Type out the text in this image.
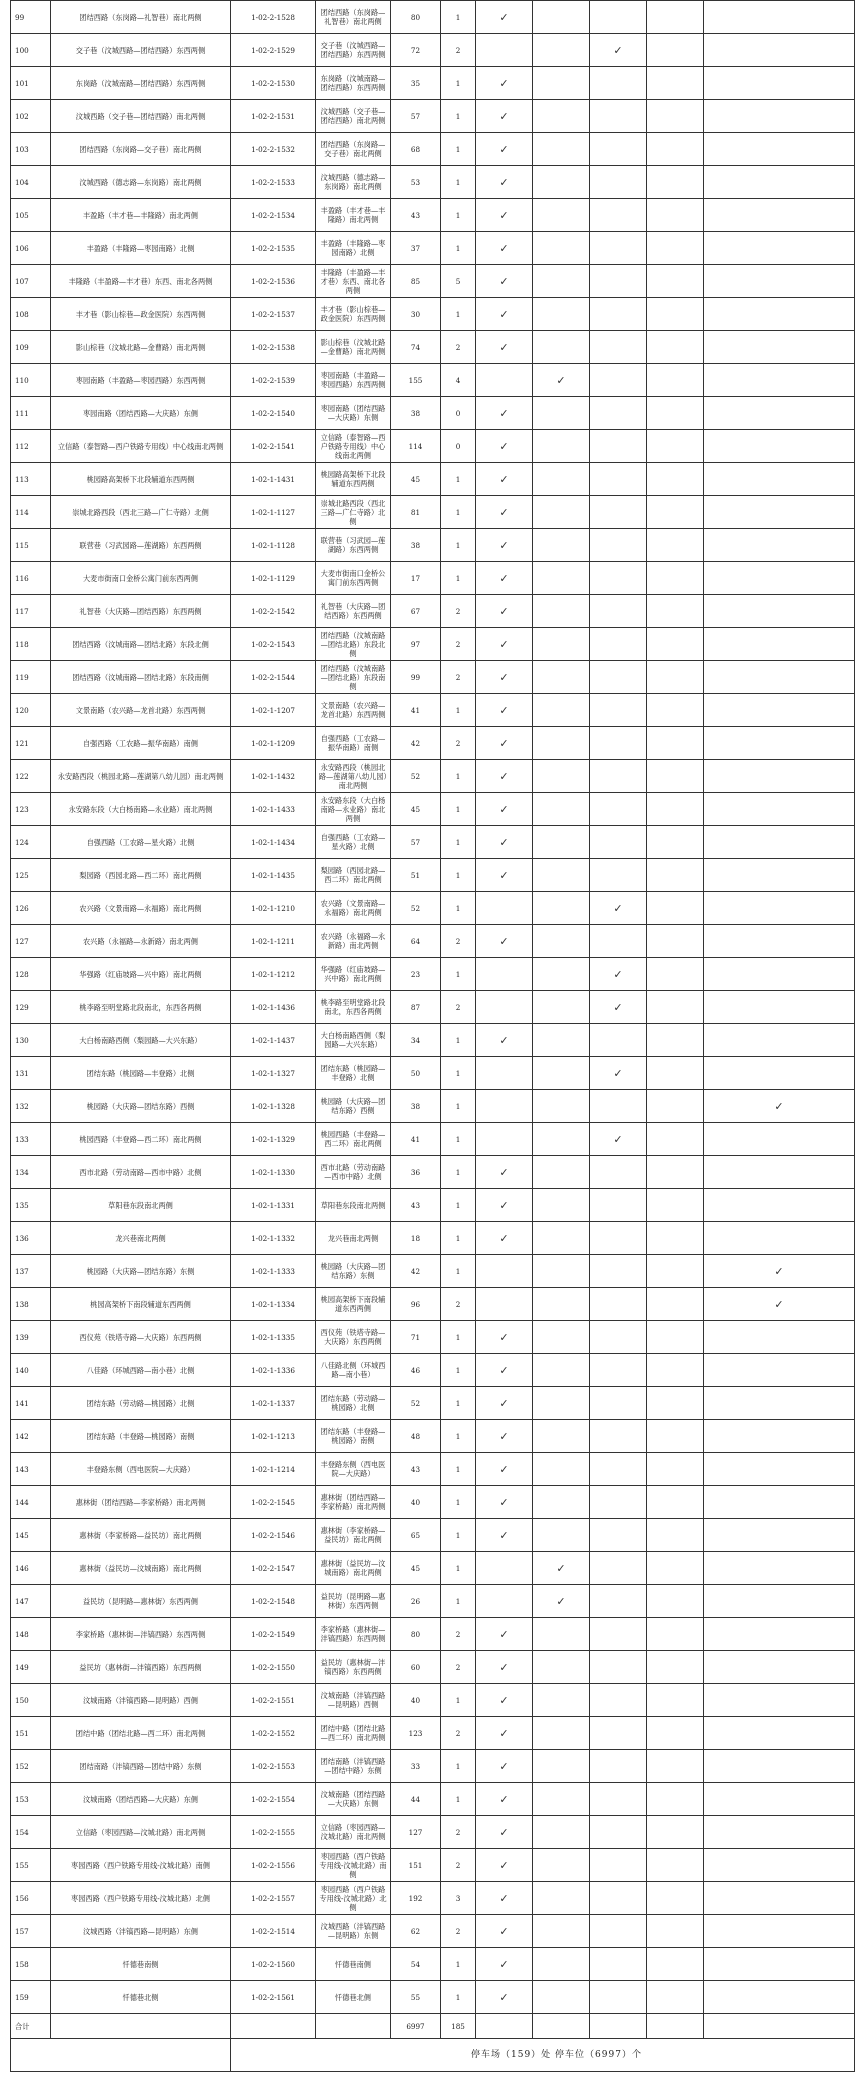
99	团结西路（东岗路—礼智巷）南北两侧	1-02-2-1528	团结西路（东岗路—礼智巷）南北两侧	80	1	✓				
100	交子巷（汶城西路—团结西路）东西两侧	1-02-2-1529	交子巷（汶城西路—团结西路）东西两侧	72	2			✓		
101	东岗路（汶城南路—团结西路）东西两侧	1-02-2-1530	东岗路（汶城南路—团结西路）东西两侧	35	1	✓				
102	汶城西路（交子巷—团结西路）南北两侧	1-02-2-1531	汶城西路（交子巷—团结西路）南北两侧	57	1	✓				
103	团结西路（东岗路—交子巷）南北两侧	1-02-2-1532	团结西路（东岗路—交子巷）南北两侧	68	1	✓				
104	汶城西路（德志路—东岗路）南北两侧	1-02-2-1533	汶城西路（德志路—东岗路）南北两侧	53	1	✓				
105	丰盈路（丰才巷—丰隆路）南北两侧	1-02-2-1534	丰盈路（丰才巷—丰隆路）南北两侧	43	1	✓				
106	丰盈路（丰隆路—枣园南路）北侧	1-02-2-1535	丰盈路（丰隆路—枣园南路）北侧	37	1	✓				
107	丰隆路（丰盈路—丰才巷）东西、南北各两侧	1-02-2-1536	丰隆路（丰盈路—丰才巷）东西、南北各两侧	85	5	✓				
108	丰才巷（影山棕巷—政金医院）东西两侧	1-02-2-1537	丰才巷（影山棕巷—政金医院）东西两侧	30	1	✓				
109	影山棕巷（汶城北路—金曹路）南北两侧	1-02-2-1538	影山棕巷（汶城北路—金曹路）南北两侧	74	2	✓				
110	枣园南路（丰盈路—枣园西路）东西两侧	1-02-2-1539	枣园南路（丰盈路—枣园西路）东西两侧	155	4		✓			
111	枣园南路（团结西路—大庆路）东侧	1-02-2-1540	枣园南路（团结西路—大庆路）东侧	38	0	✓				
112	立信路（泰智路—西户铁路专用线）中心线南北两侧	1-02-2-1541	立信路（泰智路—西户铁路专用线）中心线南北两侧	114	0	✓				
113	桃园路高架桥下北段辅道东西两侧	1-02-1-1431	桃园路高架桥下北段辅道东西两侧	45	1	✓				
114	崇城北路西段（西北三路—广仁寺路）北侧	1-02-1-1127	崇城北路西段（西北三路—广仁寺路）北侧	81	1	✓				
115	联营巷（习武园路—莲湖路）东西两侧	1-02-1-1128	联营巷（习武园—莲湖路）东西两侧	38	1	✓				
116	大麦市街南口金桥公寓门前东西两侧	1-02-1-1129	大麦市街南口金桥公寓门前东西两侧	17	1	✓				
117	礼智巷（大庆路—团结西路）东西两侧	1-02-2-1542	礼智巷（大庆路—团结西路）东西两侧	67	2	✓				
118	团结西路（汶城南路—团结北路）东段北侧	1-02-2-1543	团结西路（汶城南路—团结北路）东段北侧	97	2	✓				
119	团结西路（汶城南路—团结北路）东段南侧	1-02-2-1544	团结西路（汶城南路—团结北路）东段南侧	99	2	✓				
120	文景南路（农兴路—龙首北路）东西两侧	1-02-1-1207	文景南路（农兴路—龙首北路）东西两侧	41	1	✓				
121	自强西路（工农路—振华南路）南侧	1-02-1-1209	自强西路（工农路—振华南路）南侧	42	2	✓				
122	永安路西段（桃园北路—莲湖第八幼儿园）南北两侧	1-02-1-1432	永安路西段（桃园北路—莲湖第八幼儿园）南北两侧	52	1	✓				
123	永安路东段（大白杨南路—永业路）南北两侧	1-02-1-1433	永安路东段（大白杨南路—永业路）南北两侧	45	1	✓				
124	自强西路（工农路—星火路）北侧	1-02-1-1434	自强西路（工农路—星火路）北侧	57	1	✓				
125	梨园路（西园北路—西二环）南北两侧	1-02-1-1435	梨园路（西园北路—西二环）南北两侧	51	1	✓				
126	农兴路（文景南路—永福路）南北两侧	1-02-1-1210	农兴路（文景南路—永福路）南北两侧	52	1			✓		
127	农兴路（永福路—永新路）南北两侧	1-02-1-1211	农兴路（永福路—永新路）南北两侧	64	2	✓				
128	华强路（红庙坡路—兴中路）南北两侧	1-02-1-1212	华强路（红庙坡路—兴中路）南北两侧	23	1			✓		
129	桃李路至明堂路北段南北，东西各两侧	1-02-1-1436	桃李路至明堂路北段南北，东西各两侧	87	2			✓		
130	大白杨南路西侧（梨园路—大兴东路）	1-02-1-1437	大白杨南路西侧（梨园路—大兴东路）	34	1	✓				
131	团结东路（桃园路—丰登路）北侧	1-02-1-1327	团结东路（桃园路—丰登路）北侧	50	1			✓		
132	桃园路（大庆路—团结东路）西侧	1-02-1-1328	桃园路（大庆路—团结东路）西侧	38	1					✓
133	桃园西路（丰登路—西二环）南北两侧	1-02-1-1329	桃园西路（丰登路—西二环）南北两侧	41	1			✓		
134	西市北路（劳动南路—西市中路）北侧	1-02-1-1330	西市北路（劳动南路—西市中路）北侧	36	1	✓				
135	草阳巷东段南北两侧	1-02-1-1331	草阳巷东段南北两侧	43	1	✓				
136	龙兴巷南北两侧	1-02-1-1332	龙兴巷南北两侧	18	1	✓				
137	桃园路（大庆路—团结东路）东侧	1-02-1-1333	桃园路（大庆路—团结东路）东侧	42	1					✓
138	桃园高架桥下南段辅道东西两侧	1-02-1-1334	桃园高架桥下南段辅道东西两侧	96	2					✓
139	西仪苑（铁塔寺路—大庆路）东西两侧	1-02-1-1335	西仪苑（铁塔寺路—大庆路）东西两侧	71	1	✓				
140	八佳路（环城西路—南小巷）北侧	1-02-1-1336	八佳路北侧（环城西路—南小巷）	46	1	✓				
141	团结东路（劳动路—桃园路）北侧	1-02-1-1337	团结东路（劳动路—桃园路）北侧	52	1	✓				
142	团结东路（丰登路—桃园路）南侧	1-02-1-1213	团结东路（丰登路—桃园路）南侧	48	1	✓				
143	丰登路东侧（西电医院—大庆路）	1-02-1-1214	丰登路东侧（西电医院—大庆路）	43	1	✓				
144	惠林街（团结西路—李家桥路）南北两侧	1-02-2-1545	惠林街（团结西路—李家桥路）南北两侧	40	1	✓				
145	惠林街（李家桥路—益民坊）南北两侧	1-02-2-1546	惠林街（李家桥路—益民坊）南北两侧	65	1	✓				
146	惠林街（益民坊—汶城南路）南北两侧	1-02-2-1547	惠林街（益民坊—汶城南路）南北两侧	45	1		✓			
147	益民坊（昆明路—惠林街）东西两侧	1-02-2-1548	益民坊（昆明路—惠林街）东西两侧	26	1		✓			
148	李家桥路（惠林街—沣镐西路）东西两侧	1-02-2-1549	李家桥路（惠林街—沣镐西路）东西两侧	80	2	✓				
149	益民坊（惠林街—沣镐西路）东西两侧	1-02-2-1550	益民坊（惠林街—沣镐西路）东西两侧	60	2	✓				
150	汶城南路（沣镐西路—昆明路）西侧	1-02-2-1551	汶城南路（沣镐西路—昆明路）西侧	40	1	✓				
151	团结中路（团结北路—西二环）南北两侧	1-02-2-1552	团结中路（团结北路—西二环）南北两侧	123	2	✓				
152	团结南路（沣镐西路—团结中路）东侧	1-02-2-1553	团结南路（沣镐西路—团结中路）东侧	33	1	✓				
153	汶城南路（团结西路—大庆路）东侧	1-02-2-1554	汶城南路（团结西路—大庆路）东侧	44	1	✓				
154	立信路（枣园西路—汶城北路）南北两侧	1-02-2-1555	立信路（枣园西路—汶城北路）南北两侧	127	2	✓				
155	枣园西路（西户铁路专用线-汶城北路）南侧	1-02-2-1556	枣园西路（西户铁路专用线-汶城北路）南侧	151	2	✓				
156	枣园西路（西户铁路专用线-汶城北路）北侧	1-02-2-1557	枣园西路（西户铁路专用线-汶城北路）北侧	192	3	✓				
157	汶城西路（沣镐西路—昆明路）东侧	1-02-2-1514	汶城西路（沣镐西路—昆明路）东侧	62	2	✓				
158	忏德巷南侧	1-02-2-1560	忏德巷南侧	54	1	✓				
159	忏德巷北侧	1-02-2-1561	忏德巷北侧	55	1	✓				
合计				6997	185					
		停车场（159）处 停车位（6997）个								
